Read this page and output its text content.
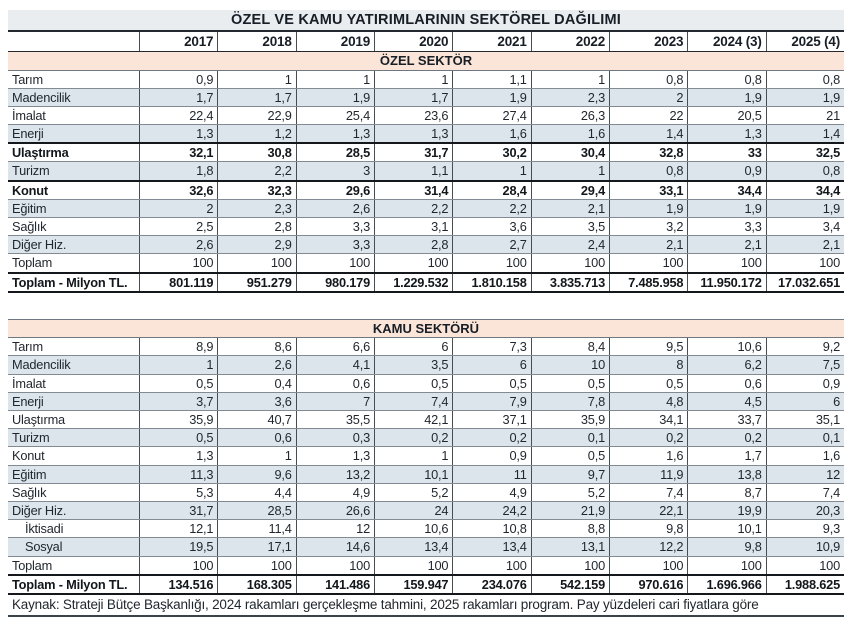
ÖZEL VE KAMU YATIRIMLARININ SEKTÖREL DAĞILIMI
2017	2018	2019	2020	2021	2022	2023	2024 (3)	2025 (4)
ÖZEL SEKTÖR
Tarım	0,9	1	1	1	1,1	1	0,8	0,8	0,8
Madencilik	1,7	1,7	1,9	1,7	1,9	2,3	2	1,9	1,9
İmalat	22,4	22,9	25,4	23,6	27,4	26,3	22	20,5	21
Enerji	1,3	1,2	1,3	1,3	1,6	1,6	1,4	1,3	1,4
Ulaştırma	32,1	30,8	28,5	31,7	30,2	30,4	32,8	33	32,5
Turizm	1,8	2,2	3	1,1	1	1	0,8	0,9	0,8
Konut	32,6	32,3	29,6	31,4	28,4	29,4	33,1	34,4	34,4
Eğitim	2	2,3	2,6	2,2	2,2	2,1	1,9	1,9	1,9
Sağlık	2,5	2,8	3,3	3,1	3,6	3,5	3,2	3,3	3,4
Diğer Hiz.	2,6	2,9	3,3	2,8	2,7	2,4	2,1	2,1	2,1
Toplam	100	100	100	100	100	100	100	100	100
Toplam - Milyon TL.	801.119	951.279	980.179	1.229.532	1.810.158	3.835.713	7.485.958	11.950.172	17.032.651
KAMU SEKTÖRÜ
Tarım	8,9	8,6	6,6	6	7,3	8,4	9,5	10,6	9,2
Madencilik	1	2,6	4,1	3,5	6	10	8	6,2	7,5
İmalat	0,5	0,4	0,6	0,5	0,5	0,5	0,5	0,6	0,9
Enerji	3,7	3,6	7	7,4	7,9	7,8	4,8	4,5	6
Ulaştırma	35,9	40,7	35,5	42,1	37,1	35,9	34,1	33,7	35,1
Turizm	0,5	0,6	0,3	0,2	0,2	0,1	0,2	0,2	0,1
Konut	1,3	1	1,3	1	0,9	0,5	1,6	1,7	1,6
Eğitim	11,3	9,6	13,2	10,1	11	9,7	11,9	13,8	12
Sağlık	5,3	4,4	4,9	5,2	4,9	5,2	7,4	8,7	7,4
Diğer Hiz.	31,7	28,5	26,6	24	24,2	21,9	22,1	19,9	20,3
İktisadi	12,1	11,4	12	10,6	10,8	8,8	9,8	10,1	9,3
Sosyal	19,5	17,1	14,6	13,4	13,4	13,1	12,2	9,8	10,9
Toplam	100	100	100	100	100	100	100	100	100
Toplam - Milyon TL.	134.516	168.305	141.486	159.947	234.076	542.159	970.616	1.696.966	1.988.625
Kaynak: Strateji Bütçe Başkanlığı, 2024 rakamları gerçekleşme tahmini, 2025 rakamları program. Pay yüzdeleri cari fiyatlara göre
